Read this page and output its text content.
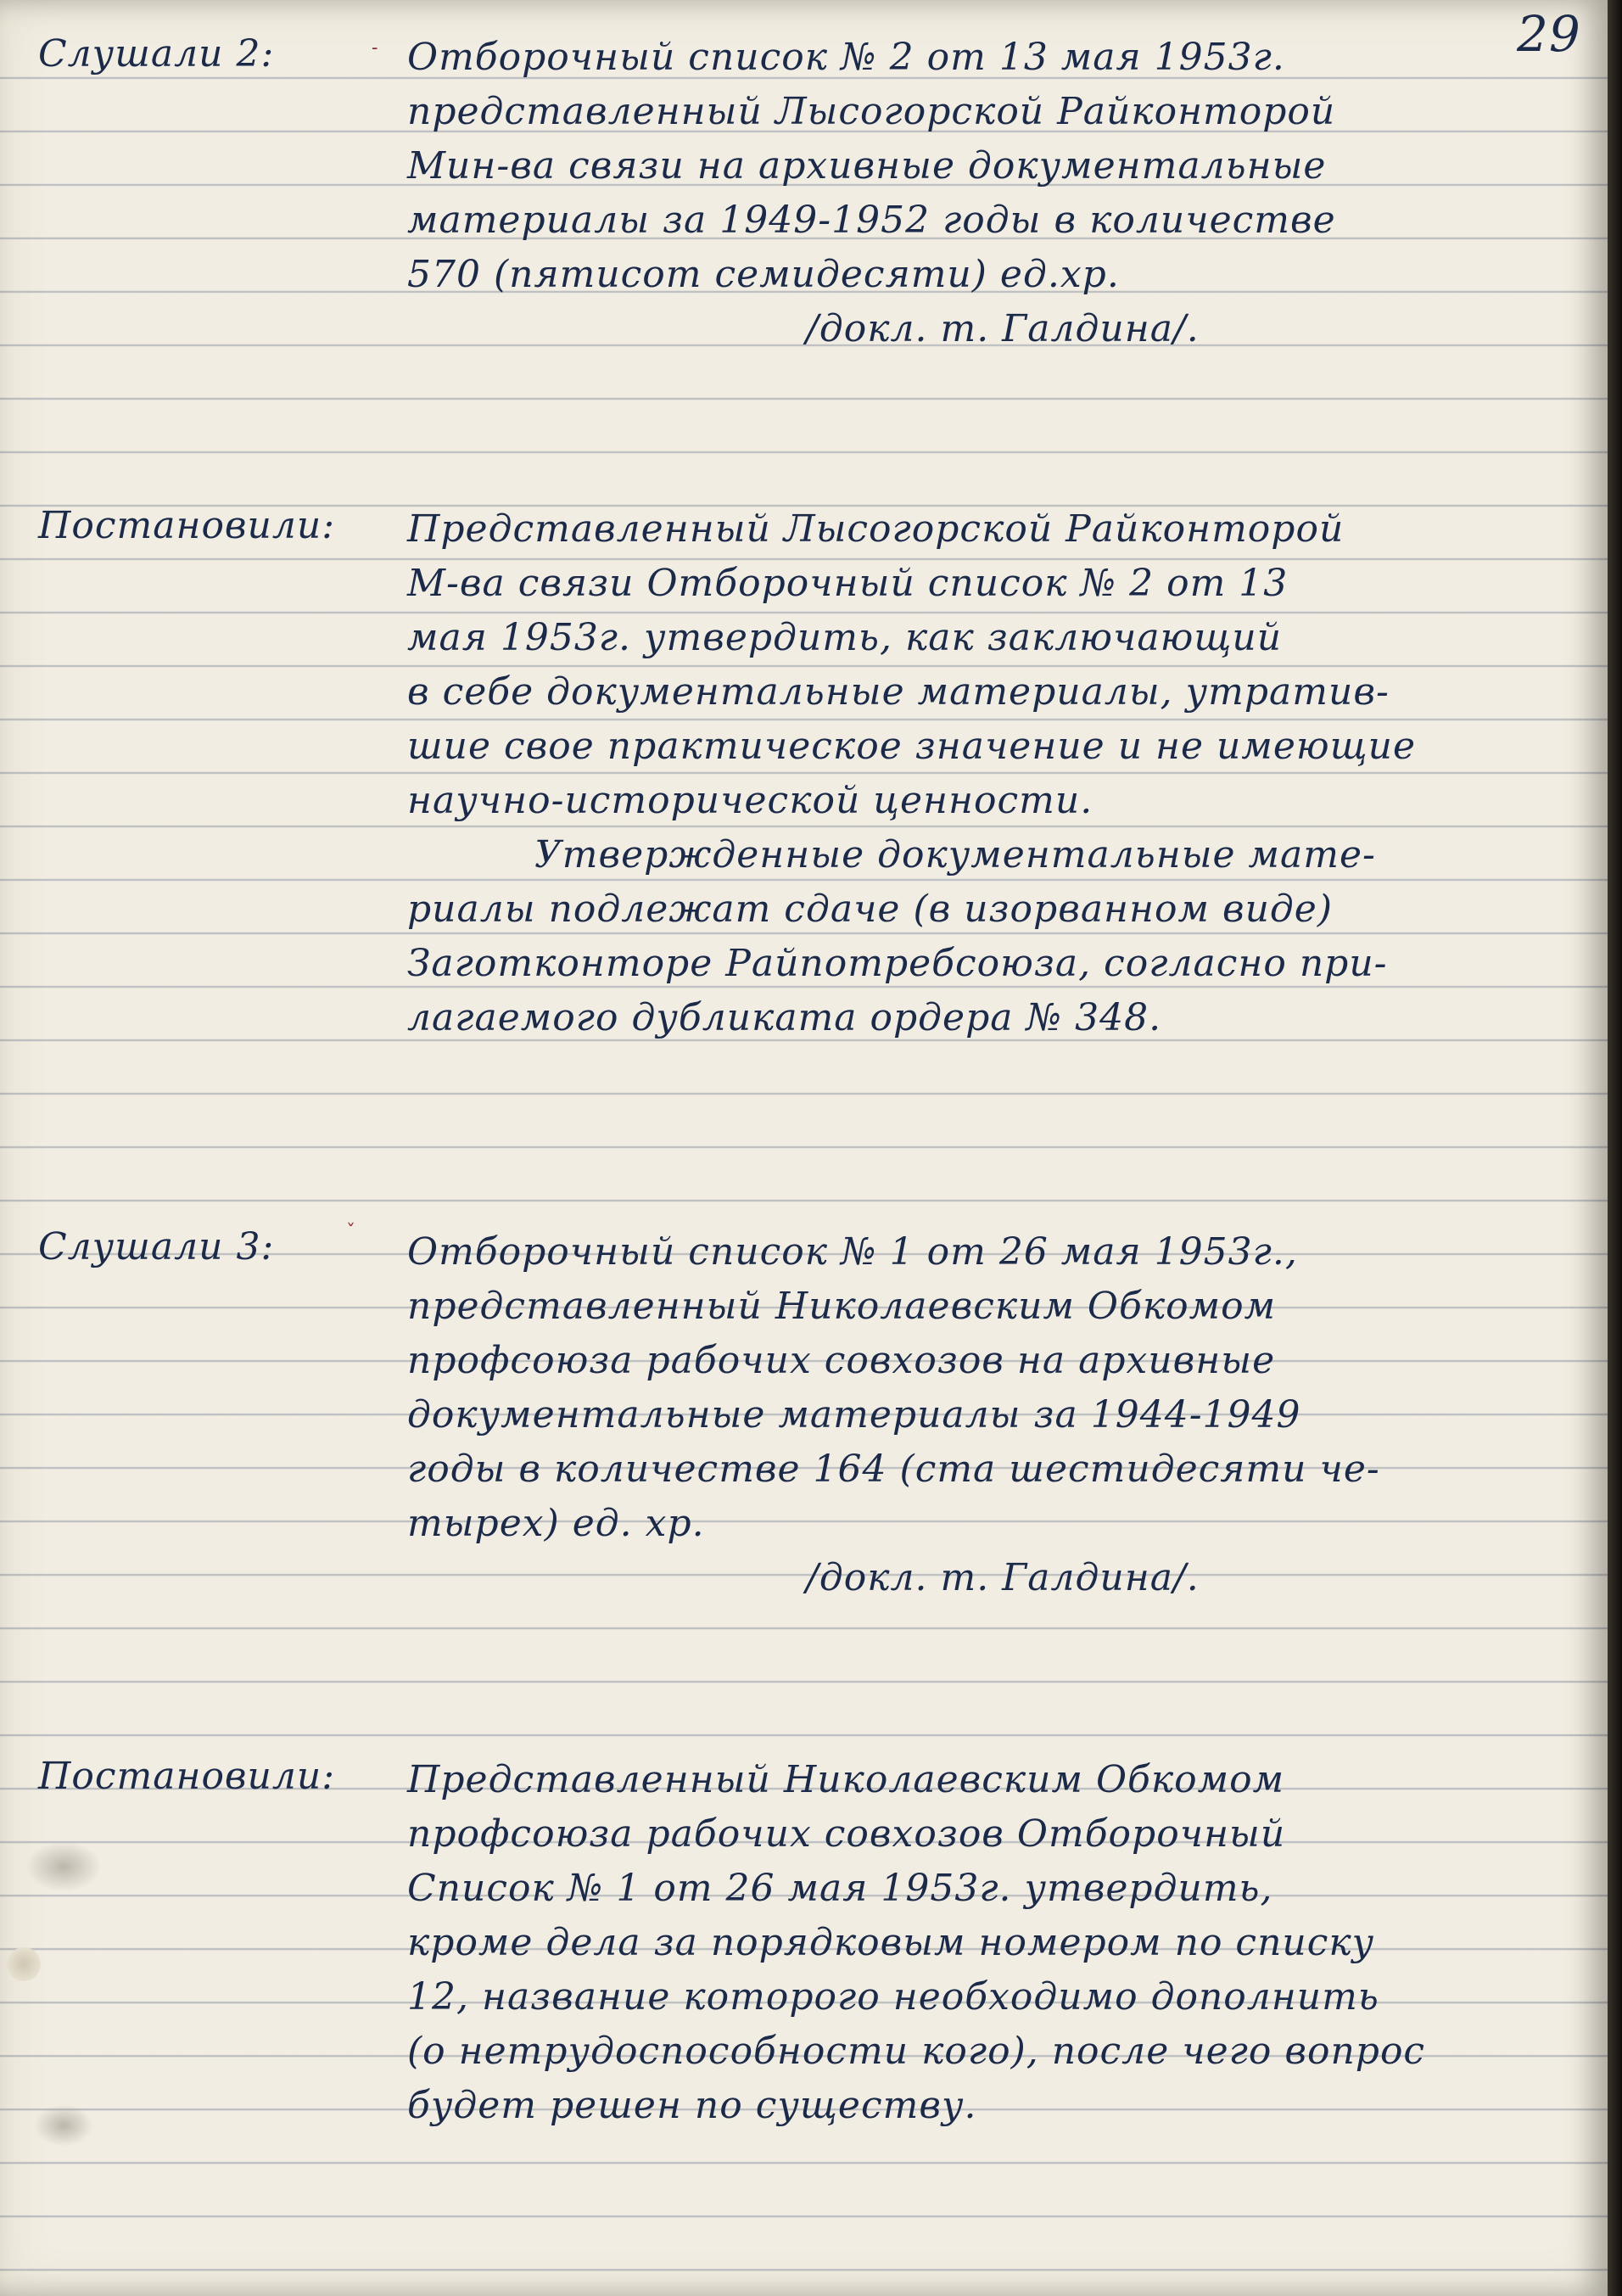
29
Слушали 2:	- Отборочный список № 2 от 13 мая 1953г.
представленный Лысогорской Райконторой
Мин-ва связи на архивные документальные
материалы за 1949-1952 годы в количестве
570 (пятисот семидесяти) ед.хр.
/докл. т. Галдина/.
Постановили: Представленный Лысогорской Райконторой
М-ва связи Отборочный список № 2 от 13
мая 1953г. утвердить, как заключающий
в себе документальные материалы, утратив-
шие свое практическое значение и не имеющие
научно-исторической ценности.
Утвержденные документальные мате-
риалы подлежат сдаче (в изорванном виде)
Заготконторе Райпотребсоюза, согласно при-
лагаемого дубликата ордера № 348.
Слушали 3:	ˇ Отборочный список № 1 от 26 мая 1953г.,
представленный Николаевским Обкомом
профсоюза рабочих совхозов на архивные
документальные материалы за 1944-1949
годы в количестве 164 (ста шестидесяти че-
тырех) ед. хр.
/докл. т. Галдина/.
Постановили: Представленный Николаевским Обкомом
профсоюза рабочих совхозов Отборочный
Список № 1 от 26 мая 1953г. утвердить,
кроме дела за порядковым номером по списку
12, название которого необходимо дополнить
(о нетрудоспособности кого), после чего вопрос
будет решен по существу.
